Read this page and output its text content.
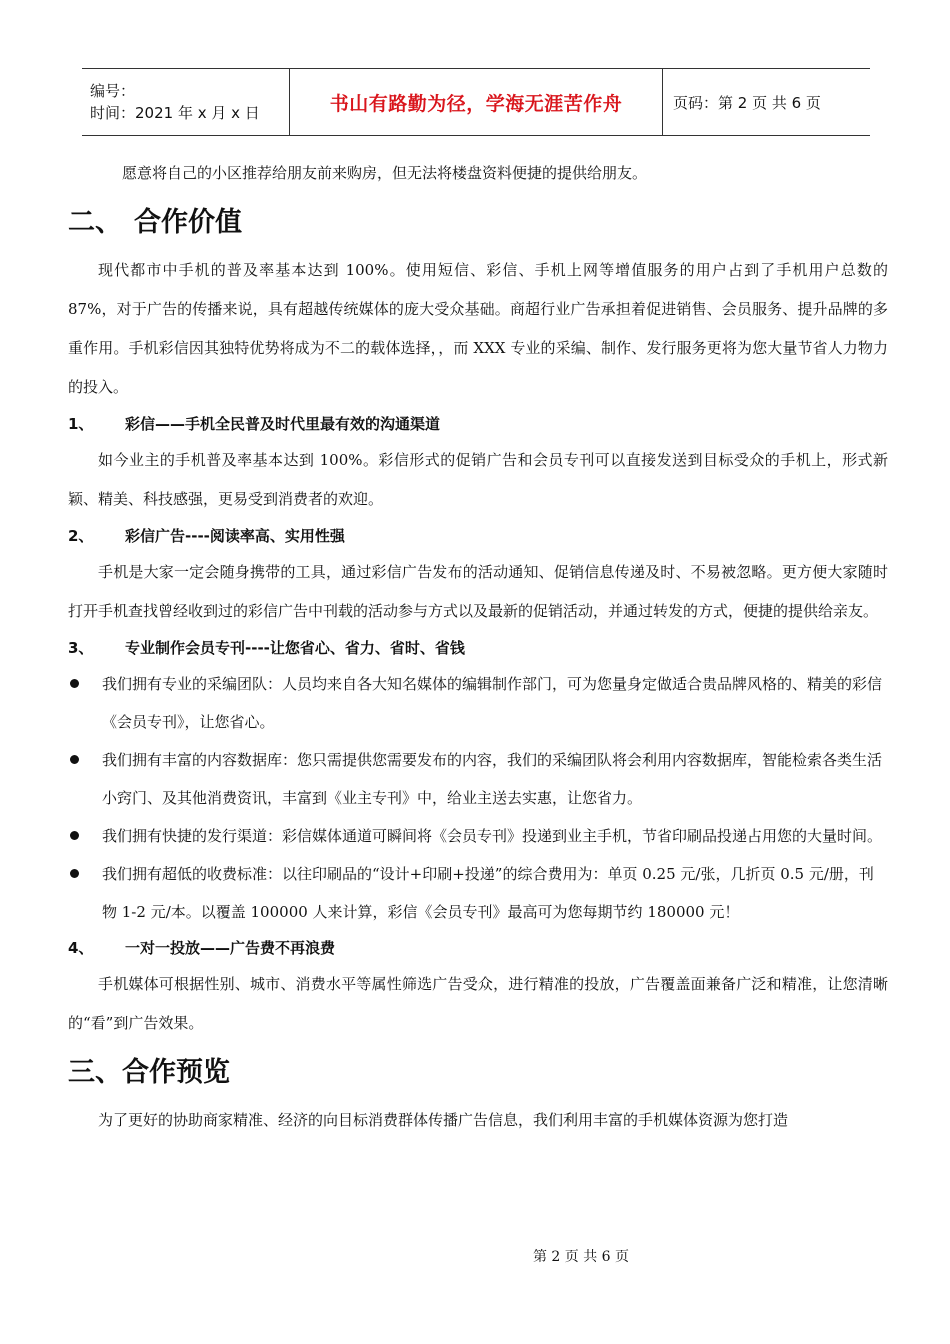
编号：
时间：2021 年 x 月 x 日	书山有路勤为径，学海无涯苦作舟	页码：第 2 页 共 6 页

愿意将自己的小区推荐给朋友前来购房，但无法将楼盘资料便捷的提供给朋友。

二、 合作价值

现代都市中手机的普及率基本达到 100%。使用短信、彩信、手机上网等增值服务的用户占到了手机用户总数的 87%，对于广告的传播来说，具有超越传统媒体的庞大受众基础。商超行业广告承担着促进销售、会员服务、提升品牌的多重作用。手机彩信因其独特优势将成为不二的载体选择，，而 XXX 专业的采编、制作、发行服务更将为您大量节省人力物力的投入。

1、 彩信——手机全民普及时代里最有效的沟通渠道

如今业主的手机普及率基本达到 100%。彩信形式的促销广告和会员专刊可以直接发送到目标受众的手机上，形式新颖、精美、科技感强，更易受到消费者的欢迎。

2、 彩信广告----阅读率高、实用性强

手机是大家一定会随身携带的工具，通过彩信广告发布的活动通知、促销信息传递及时、不易被忽略。更方便大家随时打开手机查找曾经收到过的彩信广告中刊载的活动参与方式以及最新的促销活动，并通过转发的方式，便捷的提供给亲友。

3、 专业制作会员专刊----让您省心、省力、省时、省钱

我们拥有专业的采编团队：人员均来自各大知名媒体的编辑制作部门，可为您量身定做适合贵品牌风格的、精美的彩信《会员专刊》，让您省心。

我们拥有丰富的内容数据库：您只需提供您需要发布的内容，我们的采编团队将会利用内容数据库，智能检索各类生活小窍门、及其他消费资讯，丰富到《业主专刊》中，给业主送去实惠，让您省力。

我们拥有快捷的发行渠道：彩信媒体通道可瞬间将《会员专刊》投递到业主手机，节省印刷品投递占用您的大量时间。

我们拥有超低的收费标准：以往印刷品的“设计+印刷+投递”的综合费用为：单页 0.25 元/张，几折页 0.5 元/册，刊物 1-2 元/本。以覆盖 100000 人来计算，彩信《会员专刊》最高可为您每期节约 180000 元！

4、 一对一投放——广告费不再浪费

手机媒体可根据性别、城市、消费水平等属性筛选广告受众，进行精准的投放，广告覆盖面兼备广泛和精准，让您清晰的“看”到广告效果。

三、合作预览

为了更好的协助商家精准、经济的向目标消费群体传播广告信息，我们利用丰富的手机媒体资源为您打造

第 2 页 共 6 页
